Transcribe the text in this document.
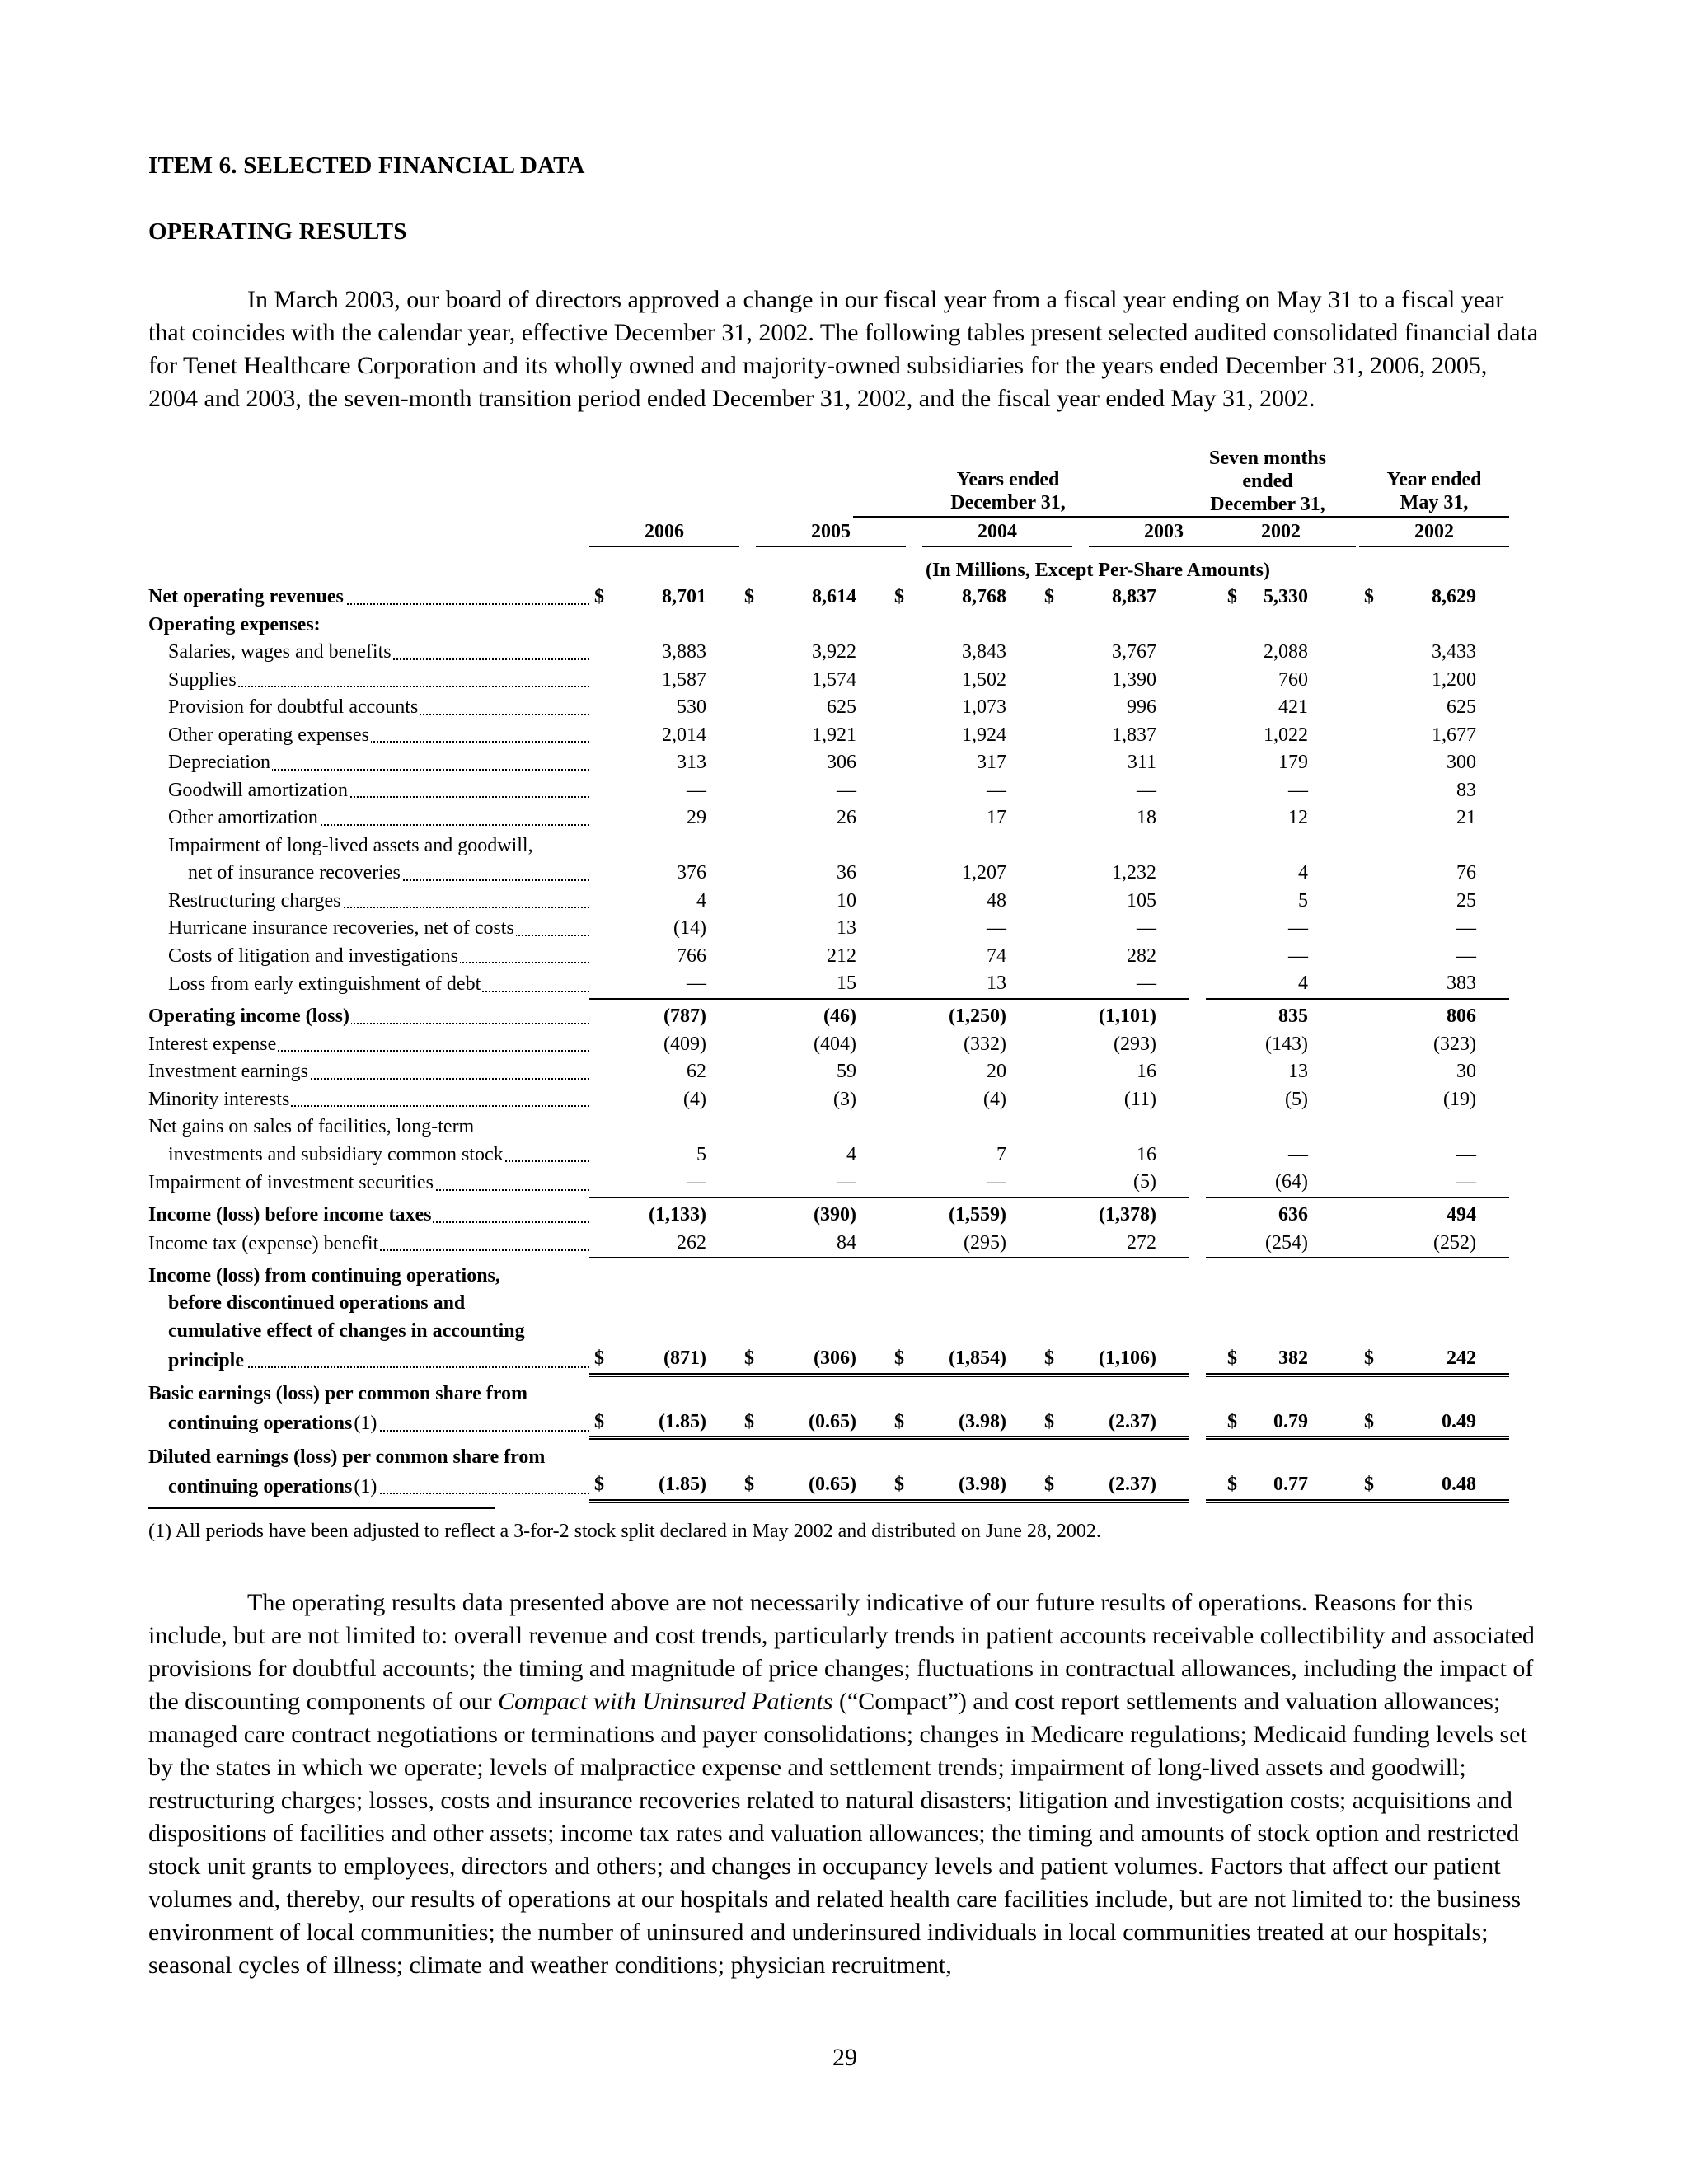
ITEM 6. SELECTED FINANCIAL DATA
OPERATING RESULTS
In March 2003, our board of directors approved a change in our fiscal year from a fiscal year ending on May 31 to a fiscal year that coincides with the calendar year, effective December 31, 2002. The following tables present selected audited consolidated financial data for Tenet Healthcare Corporation and its wholly owned and majority-owned subsidiaries for the years ended December 31, 2006, 2005, 2004 and 2003, the seven-month transition period ended December 31, 2002, and the fiscal year ended May 31, 2002.
Years ended
December 31,
Seven months
ended
December 31,
Year ended
May 31,
2006	2005	2004	2003	2002	2002
(In Millions, Except Per-Share Amounts)
Net operating revenues	$ 8,701	$ 8,614	$ 8,768	$ 8,837		$ 5,330	$ 8,629
Operating expenses:							

Salaries, wages and benefits	3,883	3,922	3,843	3,767		2,088	3,433

Supplies	1,587	1,574	1,502	1,390		760	1,200

Provision for doubtful accounts	530	625	1,073	996		421	625

Other operating expenses	2,014	1,921	1,924	1,837		1,022	1,677

Depreciation	313	306	317	311		179	300

Goodwill amortization	—	—	—	—		—	83

Other amortization	29	26	17	18		12	21
Impairment of long-lived assets and goodwill,							

net of insurance recoveries	376	36	1,207	1,232		4	76

Restructuring charges	4	10	48	105		5	25

Hurricane insurance recoveries, net of costs	(14)	13	—	—		—	—

Costs of litigation and investigations	766	212	74	282		—	—

Loss from early extinguishment of debt	—	15	13	—		4	383

Operating income (loss)	(787)	(46)	(1,250)	(1,101)		835	806

Interest expense	(409)	(404)	(332)	(293)		(143)	(323)

Investment earnings	62	59	20	16		13	30

Minority interests	(4)	(3)	(4)	(11)		(5)	(19)
Net gains on sales of facilities, long-term							

investments and subsidiary common stock	5	4	7	16		—	—

Impairment of investment securities	—	—	—	(5)		(64)	—

Income (loss) before income taxes	(1,133)	(390)	(1,559)	(1,378)		636	494

Income tax (expense) benefit	262	84	(295)	272		(254)	(252)
Income (loss) from continuing operations,							
before discontinued operations and							
cumulative effect of changes in accounting							

principle	$ (871)	$ (306)	$ (1,854)	$ (1,106)		$ 382	$ 242
Basic earnings (loss) per common share from							

continuing operations(1)	$ (1.85)	$ (0.65)	$ (3.98)	$ (2.37)		$ 0.79	$ 0.49
Diluted earnings (loss) per common share from							

continuing operations(1)	$ (1.85)	$ (0.65)	$ (3.98)	$ (2.37)		$ 0.77	$ 0.48
(1) All periods have been adjusted to reflect a 3-for-2 stock split declared in May 2002 and distributed on June 28, 2002.
The operating results data presented above are not necessarily indicative of our future results of operations. Reasons for this include, but are not limited to: overall revenue and cost trends, particularly trends in patient accounts receivable collectibility and associated provisions for doubtful accounts; the timing and magnitude of price changes; fluctuations in contractual allowances, including the impact of the discounting components of our Compact with Uninsured Patients (“Compact”) and cost report settlements and valuation allowances; managed care contract negotiations or terminations and payer consolidations; changes in Medicare regulations; Medicaid funding levels set by the states in which we operate; levels of malpractice expense and settlement trends; impairment of long-lived assets and goodwill; restructuring charges; losses, costs and insurance recoveries related to natural disasters; litigation and investigation costs; acquisitions and dispositions of facilities and other assets; income tax rates and valuation allowances; the timing and amounts of stock option and restricted stock unit grants to employees, directors and others; and changes in occupancy levels and patient volumes. Factors that affect our patient volumes and, thereby, our results of operations at our hospitals and related health care facilities include, but are not limited to: the business environment of local communities; the number of uninsured and underinsured individuals in local communities treated at our hospitals; seasonal cycles of illness; climate and weather conditions; physician recruitment,
29
